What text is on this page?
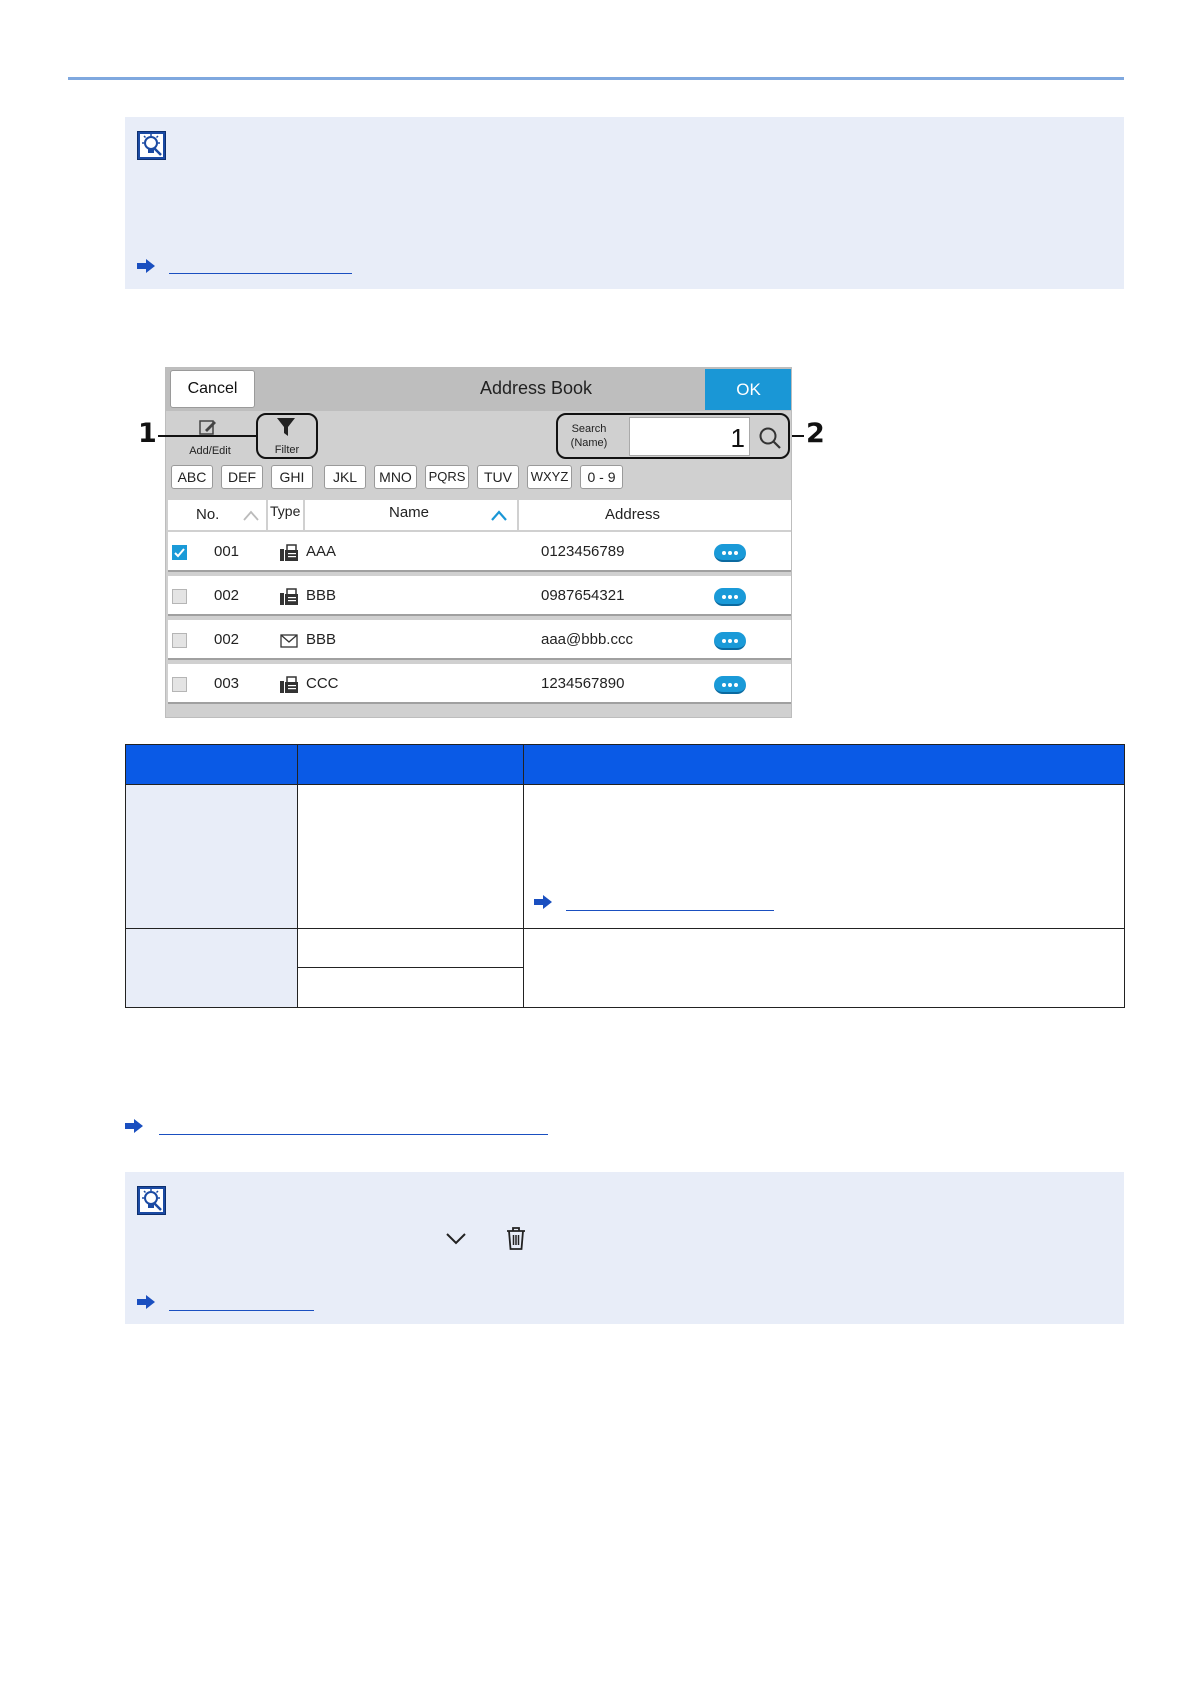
Cancel	Address Book	OK
Add/Edit	Filter
Search
(Name)	1
ABC	DEF	GHI	JKL	MNO	PQRS	TUV	WXYZ	0 - 9
No.	Type	Name	Address
001	AAA	0123456789
002	BBB	0987654321
002	BBB	aaa@bbb.ccc
003	CCC	1234567890
1	2
